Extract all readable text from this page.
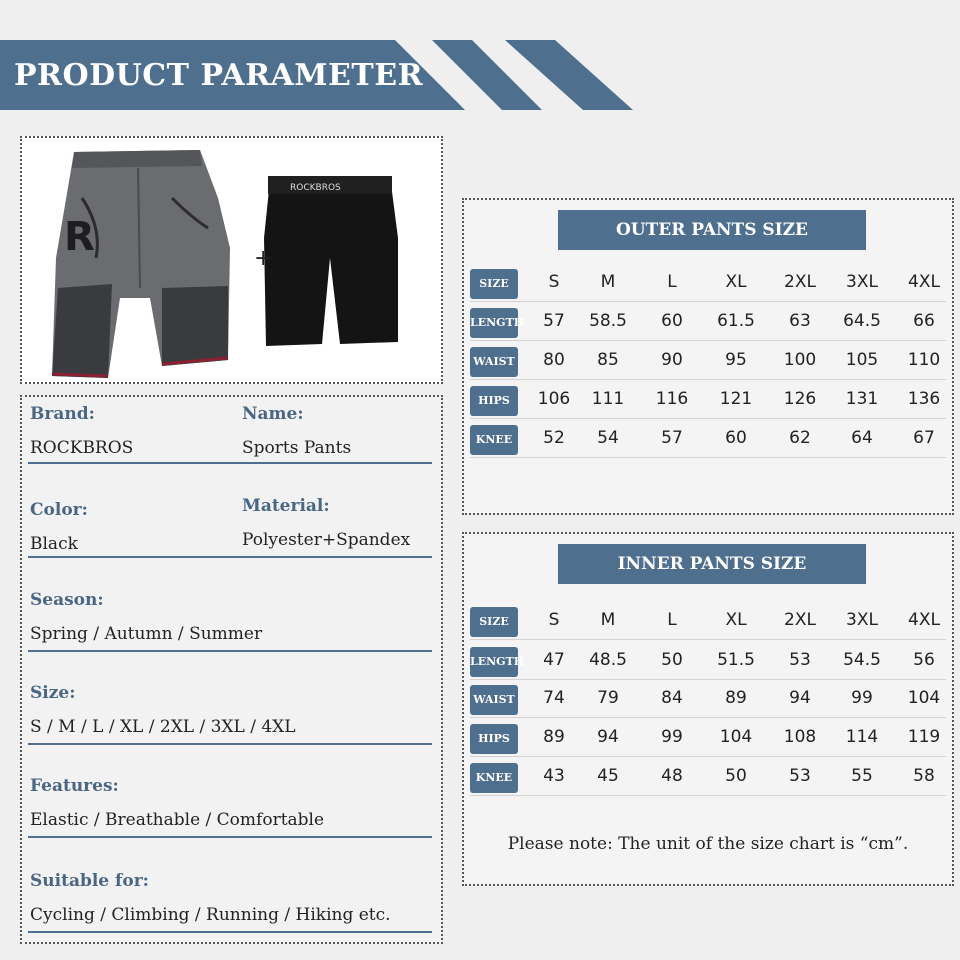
PRODUCT PARAMETER
R
ROCKBROS
+
Brand:
ROCKBROS
Name:
Sports Pants
Color:
Black
Material:
Polyester+Spandex
Season:
Spring / Autumn / Summer
Size:
S / M / L / XL / 2XL / 3XL / 4XL
Features:
Elastic / Breathable / Comfortable
Suitable for:
Cycling / Climbing / Running / Hiking etc.
OUTER PANTS SIZE
SIZE	S	M	L	XL	2XL	3XL	4XL
LENGTH	57	58.5	60	61.5	63	64.5	66
WAIST	80	85	90	95	100	105	110
HIPS	106	111	116	121	126	131	136
KNEE	52	54	57	60	62	64	67
INNER PANTS SIZE
SIZE	S	M	L	XL	2XL	3XL	4XL
LENGTH	47	48.5	50	51.5	53	54.5	56
WAIST	74	79	84	89	94	99	104
HIPS	89	94	99	104	108	114	119
KNEE	43	45	48	50	53	55	58
Please note: The unit of the size chart is “cm”.
